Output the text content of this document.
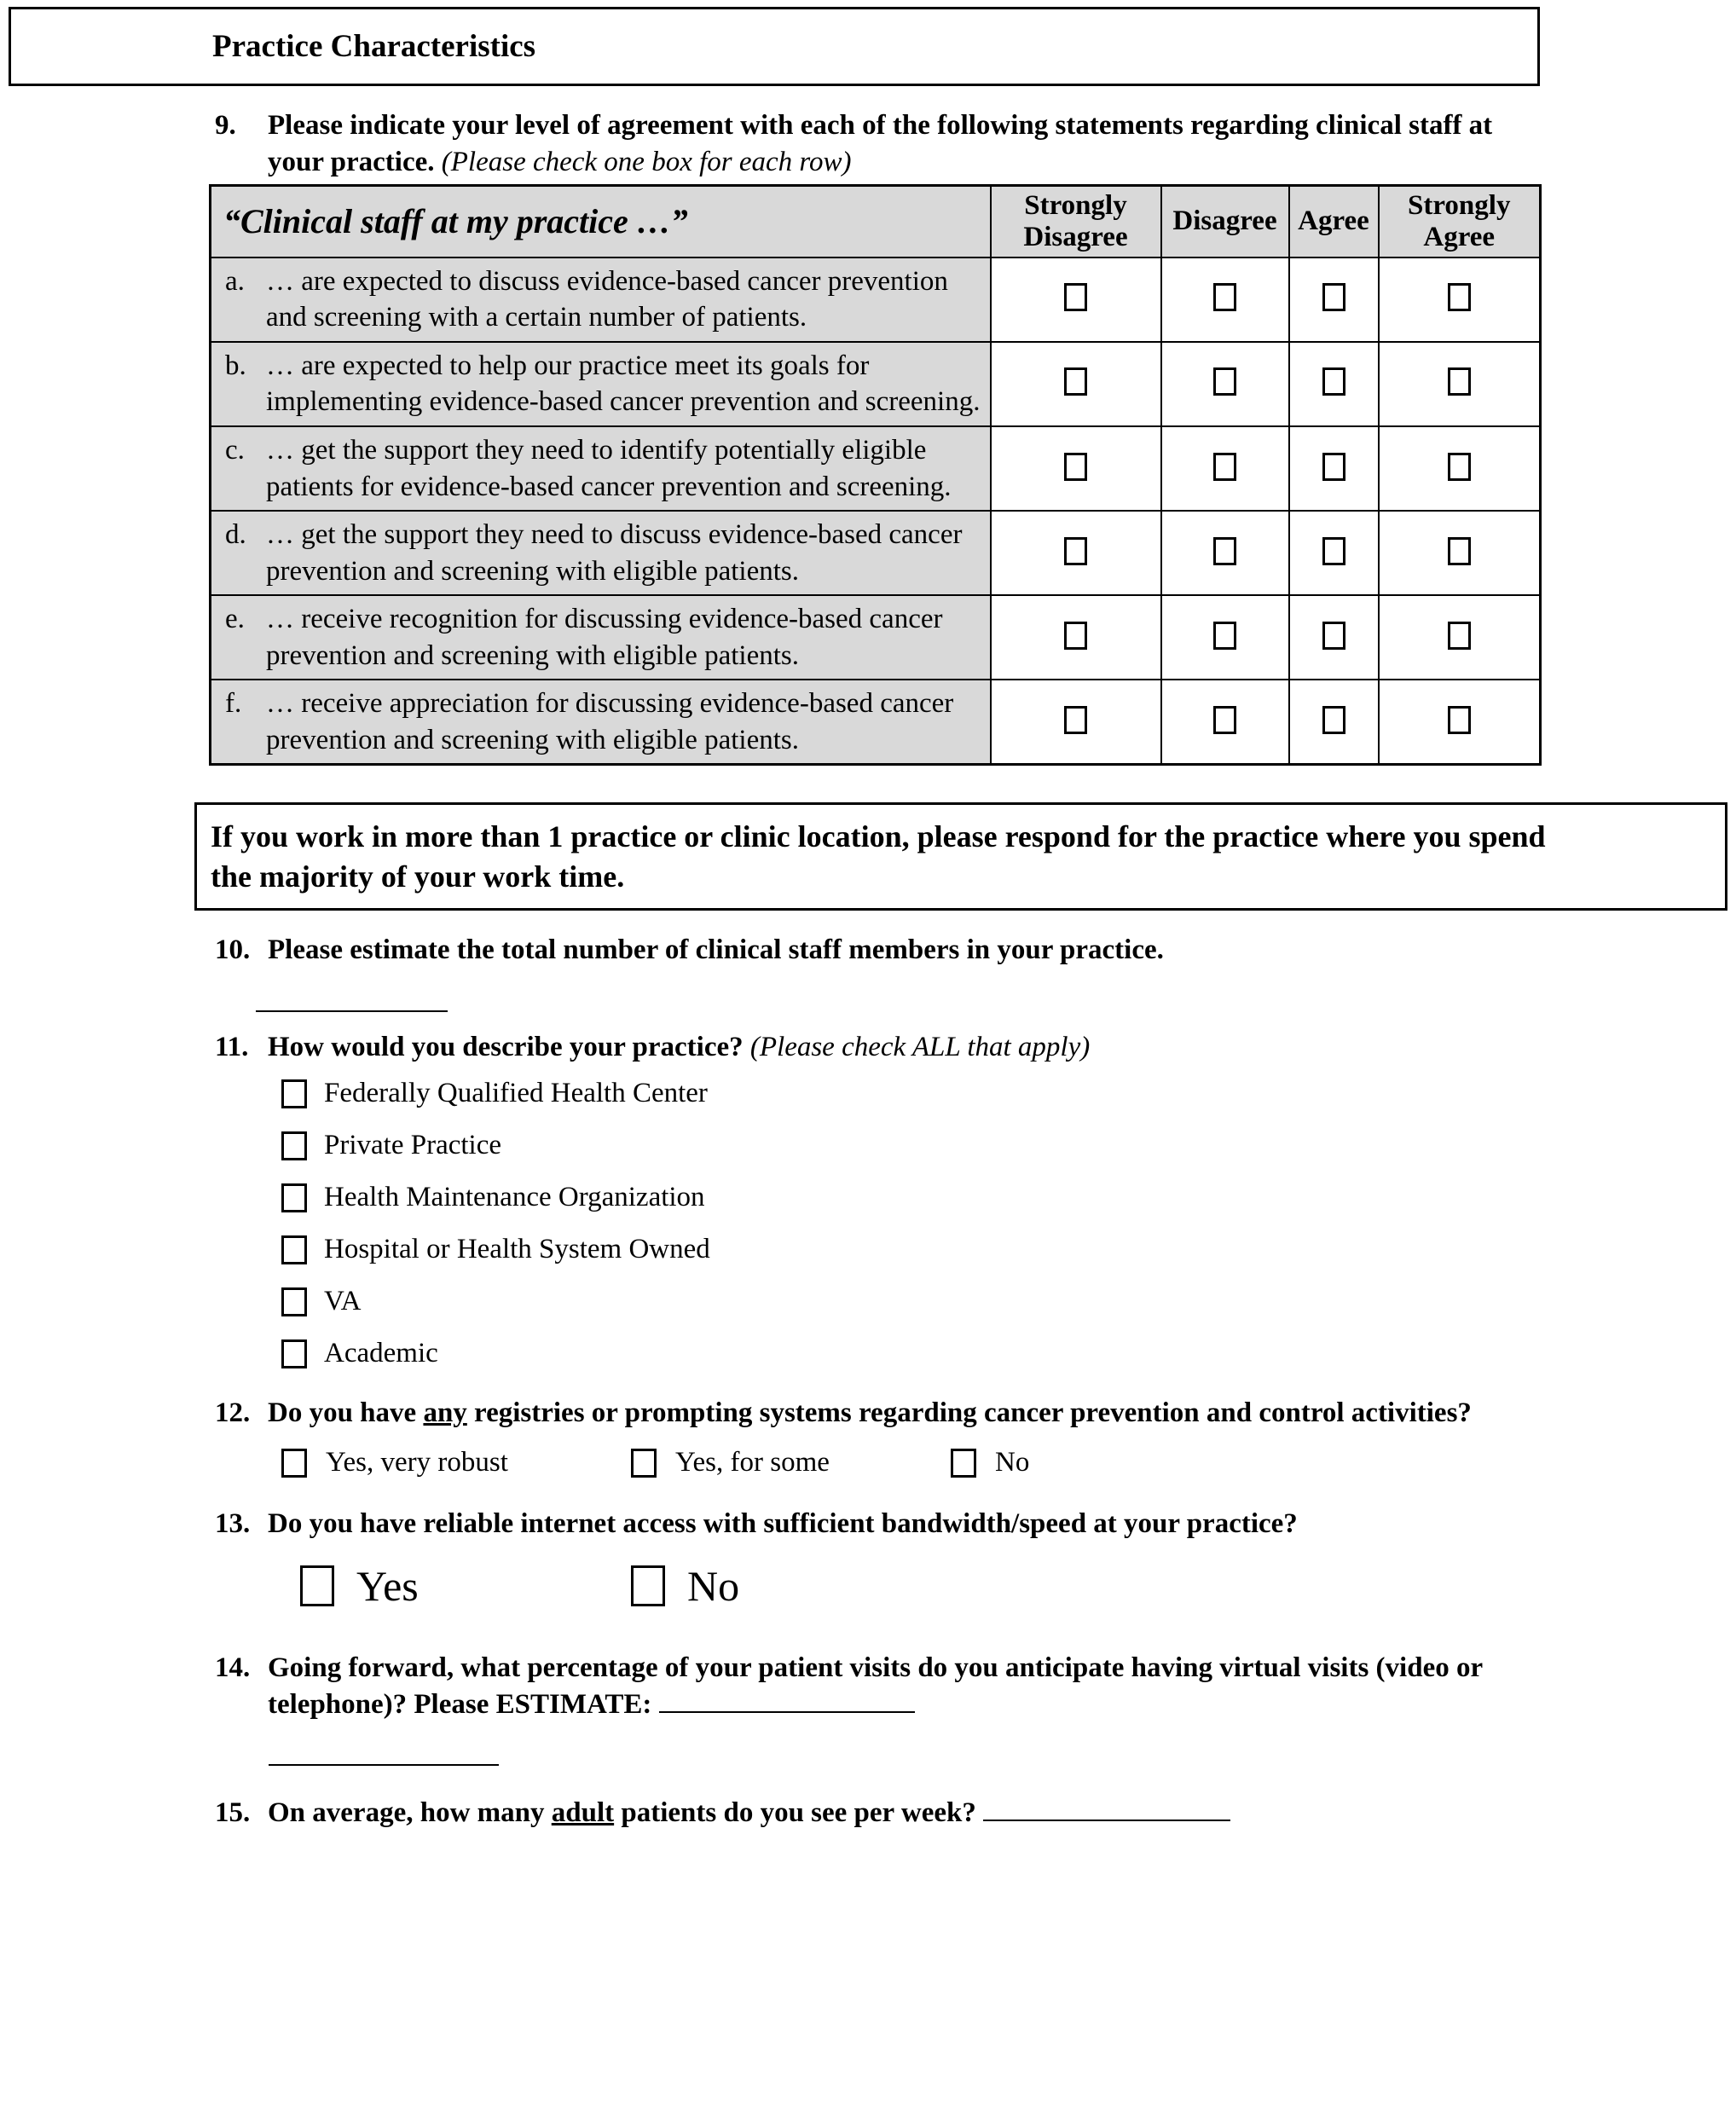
Practice Characteristics
9.	Please indicate your level of agreement with each of the following statements regarding clinical staff at your practice. (Please check one box for each row)
“Clinical staff at my practice …”	Strongly Disagree	Disagree	Agree	Strongly Agree

a. … are expected to discuss evidence-based cancer prevention and screening with a certain number of patients.				

b. … are expected to help our practice meet its goals for implementing evidence-based cancer prevention and screening.				

c. … get the support they need to identify potentially eligible patients for evidence-based cancer prevention and screening.				

d. … get the support they need to discuss evidence-based cancer prevention and screening with eligible patients.				

e. … receive recognition for discussing evidence-based cancer prevention and screening with eligible patients.				

f. … receive appreciation for discussing evidence-based cancer prevention and screening with eligible patients.				

If you work in more than 1 practice or clinic location, please respond for the practice where you spend the majority of your work time.

10. Please estimate the total number of clinical staff members in your practice.
11. How would you describe your practice? (Please check ALL that apply)
Federally Qualified Health Center
Private Practice
Health Maintenance Organization
Hospital or Health System Owned
VA
Academic
12. Do you have any registries or prompting systems regarding cancer prevention and control activities?
Yes, very robust	Yes, for some	No
13. Do you have reliable internet access with sufficient bandwidth/speed at your practice?
Yes	No
14. Going forward, what percentage of your patient visits do you anticipate having virtual visits (video or telephone)? Please ESTIMATE:
15. On average, how many adult patients do you see per week?
